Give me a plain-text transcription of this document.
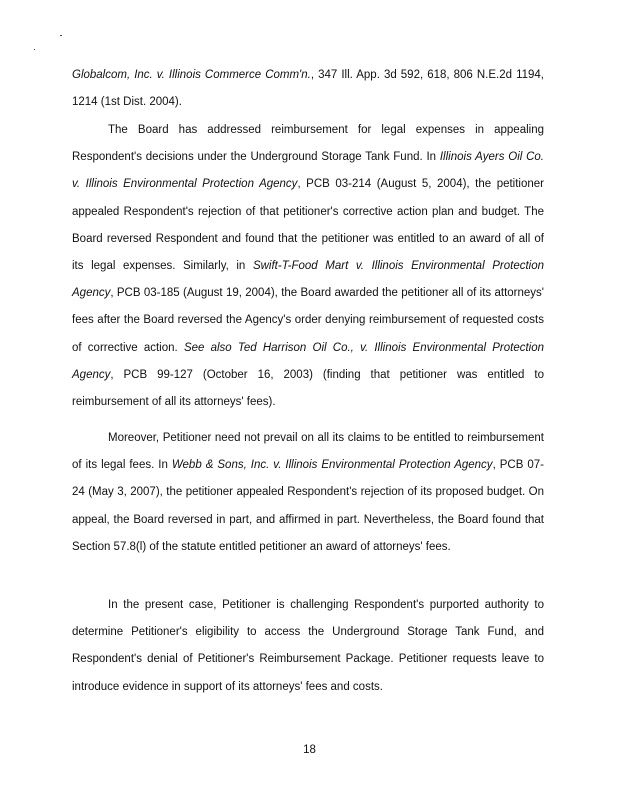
Globalcom, Inc. v. Illinois Commerce Comm'n., 347 Ill. App. 3d 592, 618, 806 N.E.2d 1194, 1214 (1st Dist. 2004).

The Board has addressed reimbursement for legal expenses in appealing Respondent's decisions under the Underground Storage Tank Fund. In Illinois Ayers Oil Co. v. Illinois Environmental Protection Agency, PCB 03-214 (August 5, 2004), the petitioner appealed Respondent's rejection of that petitioner's corrective action plan and budget. The Board reversed Respondent and found that the petitioner was entitled to an award of all of its legal expenses. Similarly, in Swift-T-Food Mart v. Illinois Environmental Protection Agency, PCB 03-185 (August 19, 2004), the Board awarded the petitioner all of its attorneys' fees after the Board reversed the Agency's order denying reimbursement of requested costs of corrective action. See also Ted Harrison Oil Co., v. Illinois Environmental Protection Agency, PCB 99-127 (October 16, 2003) (finding that petitioner was entitled to reimbursement of all its attorneys' fees).

Moreover, Petitioner need not prevail on all its claims to be entitled to reimbursement of its legal fees. In Webb & Sons, Inc. v. Illinois Environmental Protection Agency, PCB 07-24 (May 3, 2007), the petitioner appealed Respondent's rejection of its proposed budget. On appeal, the Board reversed in part, and affirmed in part. Nevertheless, the Board found that Section 57.8(l) of the statute entitled petitioner an award of attorneys' fees.

In the present case, Petitioner is challenging Respondent's purported authority to determine Petitioner's eligibility to access the Underground Storage Tank Fund, and Respondent's denial of Petitioner's Reimbursement Package. Petitioner requests leave to introduce evidence in support of its attorneys' fees and costs.

18
